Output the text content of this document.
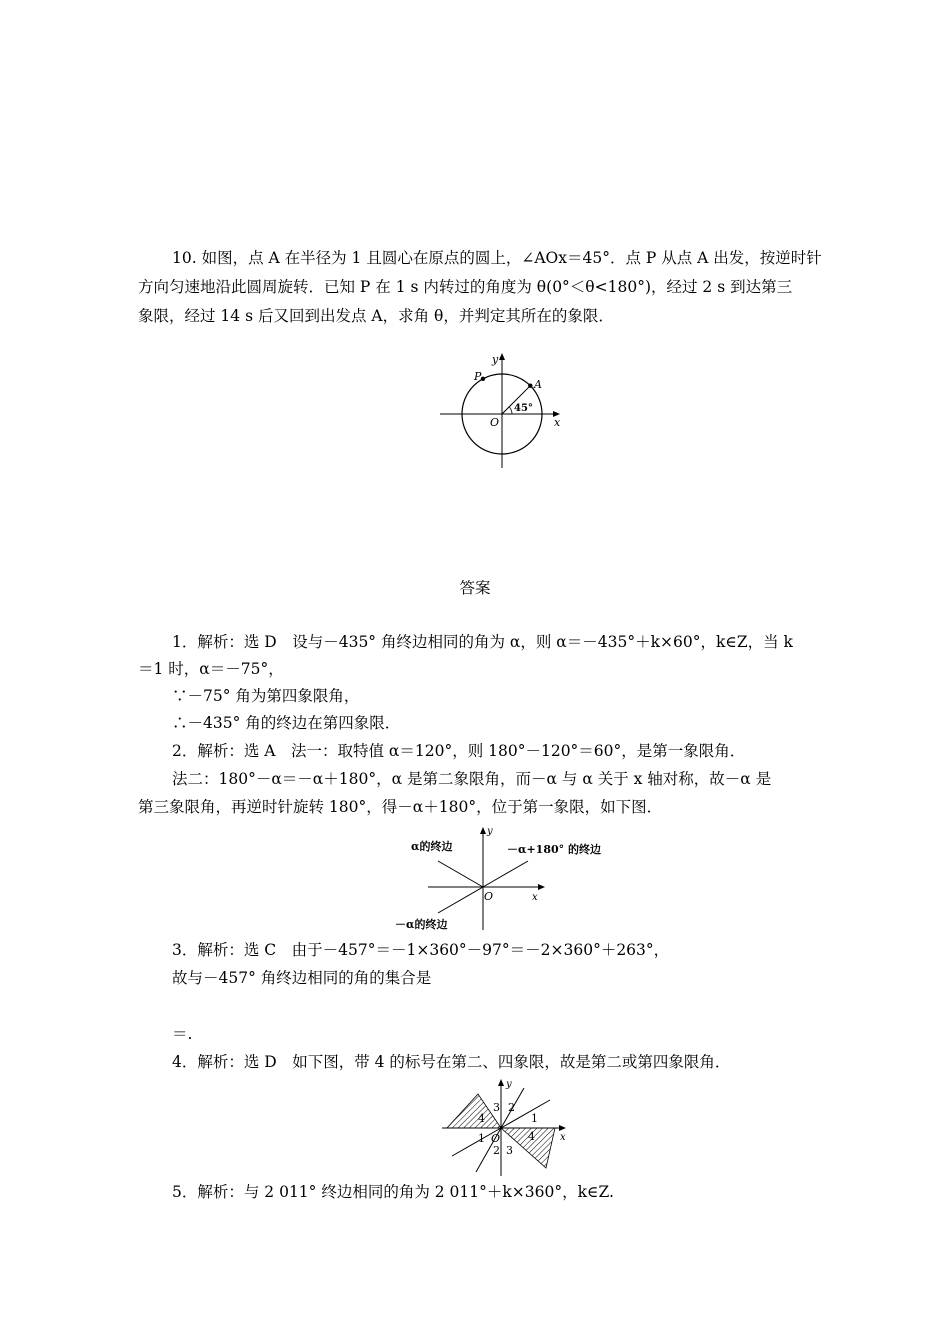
10. 如图，点 A 在半径为 1 且圆心在原点的圆上，∠AOx＝45°．点 P 从点 A 出发，按逆时针
方向匀速地沿此圆周旋转．已知 P 在 1 s 内转过的角度为 θ(0°＜θ<180°)，经过 2 s 到达第三
象限，经过 14 s 后又回到出发点 A，求角 θ，并判定其所在的象限．
y
x
O
P
A
45°
答案
1．解析：选 D　设与－435° 角终边相同的角为 α，则 α＝－435°＋k×60°，k∈Z，当 k
＝1 时，α＝－75°，
∵－75° 角为第四象限角，
∴－435° 角的终边在第四象限．
2．解析：选 A　法一：取特值 α＝120°，则 180°－120°＝60°，是第一象限角．
法二：180°－α＝－α＋180°，α 是第二象限角，而－α 与 α 关于 x 轴对称，故－α 是
第三象限角，再逆时针旋转 180°，得－α＋180°，位于第一象限，如下图．
α的终边	－α+180° 的终边
－α的终边
y
x
O
3．解析：选 C　由于－457°＝－1×360°－97°＝－2×360°＋263°，
故与－457° 角终边相同的角的集合是
＝.
4．解析：选 D　如下图，带 4 的标号在第二、四象限，故是第二或第四象限角．
y
x
O
3 2
1
4
4
1
2 3
5．解析：与 2 011° 终边相同的角为 2 011°＋k×360°，k∈Z.
